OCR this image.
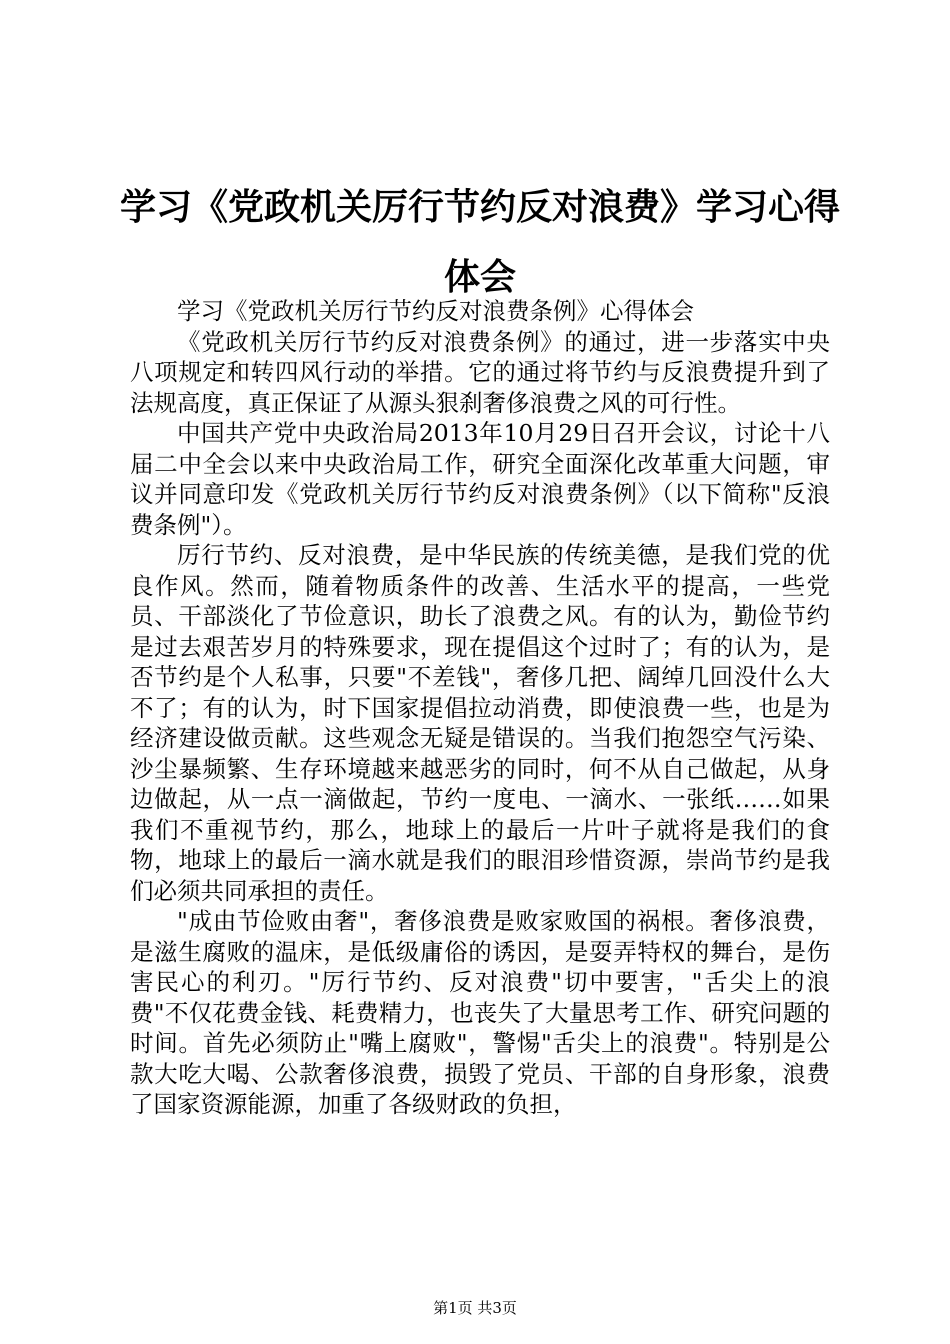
学习《党政机关厉行节约反对浪费》学习心得
体会

学习《党政机关厉行节约反对浪费条例》心得体会

《党政机关厉行节约反对浪费条例》的通过，进一步落实中央八项规定和转四风行动的举措。它的通过将节约与反浪费提升到了法规高度，真正保证了从源头狠刹奢侈浪费之风的可行性。

中国共产党中央政治局2013年10月29日召开会议，讨论十八届二中全会以来中央政治局工作，研究全面深化改革重大问题，审议并同意印发《党政机关厉行节约反对浪费条例》（以下简称"反浪费条例"）。

厉行节约、反对浪费，是中华民族的传统美德，是我们党的优良作风。然而，随着物质条件的改善、生活水平的提高，一些党员、干部淡化了节俭意识，助长了浪费之风。有的认为，勤俭节约是过去艰苦岁月的特殊要求，现在提倡这个过时了；有的认为，是否节约是个人私事，只要"不差钱"，奢侈几把、阔绰几回没什么大不了；有的认为，时下国家提倡拉动消费，即使浪费一些，也是为经济建设做贡献。这些观念无疑是错误的。当我们抱怨空气污染、沙尘暴频繁、生存环境越来越恶劣的同时，何不从自己做起，从身边做起，从一点一滴做起，节约一度电、一滴水、一张纸……如果我们不重视节约，那么，地球上的最后一片叶子就将是我们的食物，地球上的最后一滴水就是我们的眼泪珍惜资源，崇尚节约是我们必须共同承担的责任。

"成由节俭败由奢"，奢侈浪费是败家败国的祸根。奢侈浪费，是滋生腐败的温床，是低级庸俗的诱因，是耍弄特权的舞台，是伤害民心的利刃。"厉行节约、反对浪费"切中要害，"舌尖上的浪费"不仅花费金钱、耗费精力，也丧失了大量思考工作、研究问题的时间。首先必须防止"嘴上腐败"，警惕"舌尖上的浪费"。特别是公款大吃大喝、公款奢侈浪费，损毁了党员、干部的自身形象，浪费了国家资源能源，加重了各级财政的负担，

第1页 共3页
